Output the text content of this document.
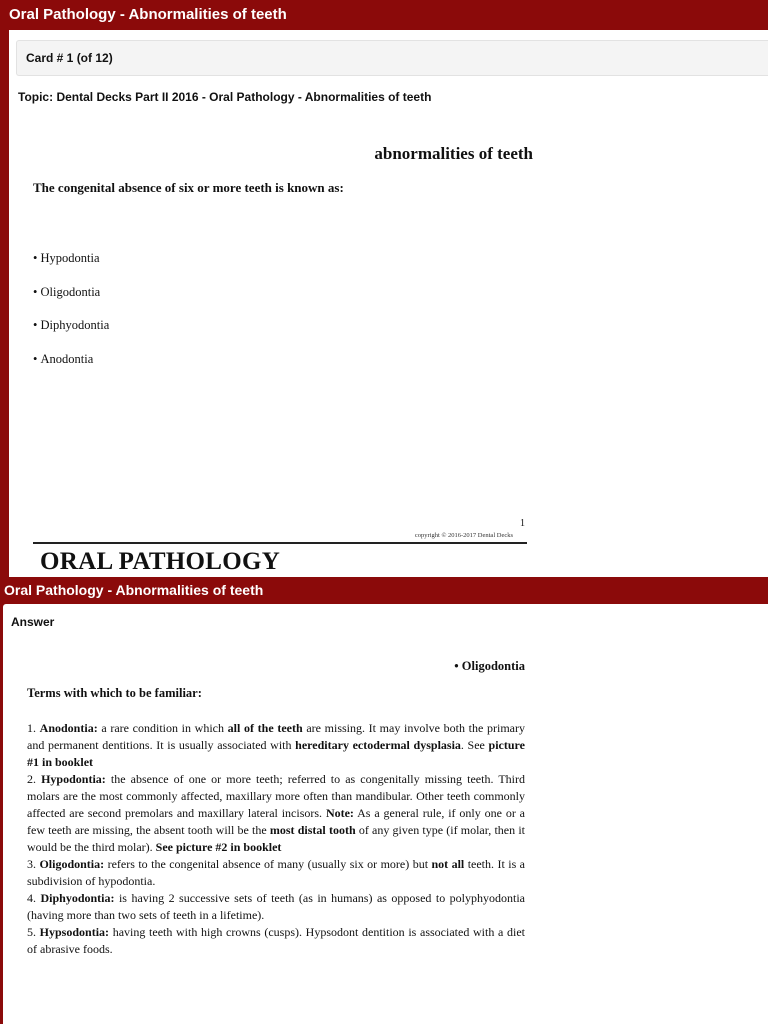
Oral Pathology - Abnormalities of teeth
Card # 1 (of 12)
Topic: Dental Decks Part II 2016 - Oral Pathology - Abnormalities of teeth
abnormalities of teeth
The congenital absence of six or more teeth is known as:
• Hypodontia
• Oligodontia
• Diphyodontia
• Anodontia
1
copyright © 2016-2017 Dental Decks
ORAL PATHOLOGY
Oral Pathology - Abnormalities of teeth
Answer
• Oligodontia
Terms with which to be familiar:

1. Anodontia: a rare condition in which all of the teeth are missing. It may involve both the primary and permanent dentitions. It is usually associated with hereditary ectodermal dysplasia. See picture #1 in booklet

2. Hypodontia: the absence of one or more teeth; referred to as congenitally missing teeth. Third molars are the most commonly affected, maxillary more often than mandibular. Other teeth commonly affected are second premolars and maxillary lateral incisors. Note: As a general rule, if only one or a few teeth are missing, the absent tooth will be the most distal tooth of any given type (if molar, then it would be the third molar). See picture #2 in booklet

3. Oligodontia: refers to the congenital absence of many (usually six or more) but not all teeth. It is a subdivision of hypodontia.

4. Diphyodontia: is having 2 successive sets of teeth (as in humans) as opposed to polyphyodontia (having more than two sets of teeth in a lifetime).

5. Hypsodontia: having teeth with high crowns (cusps). Hypsodont dentition is associated with a diet of abrasive foods.
